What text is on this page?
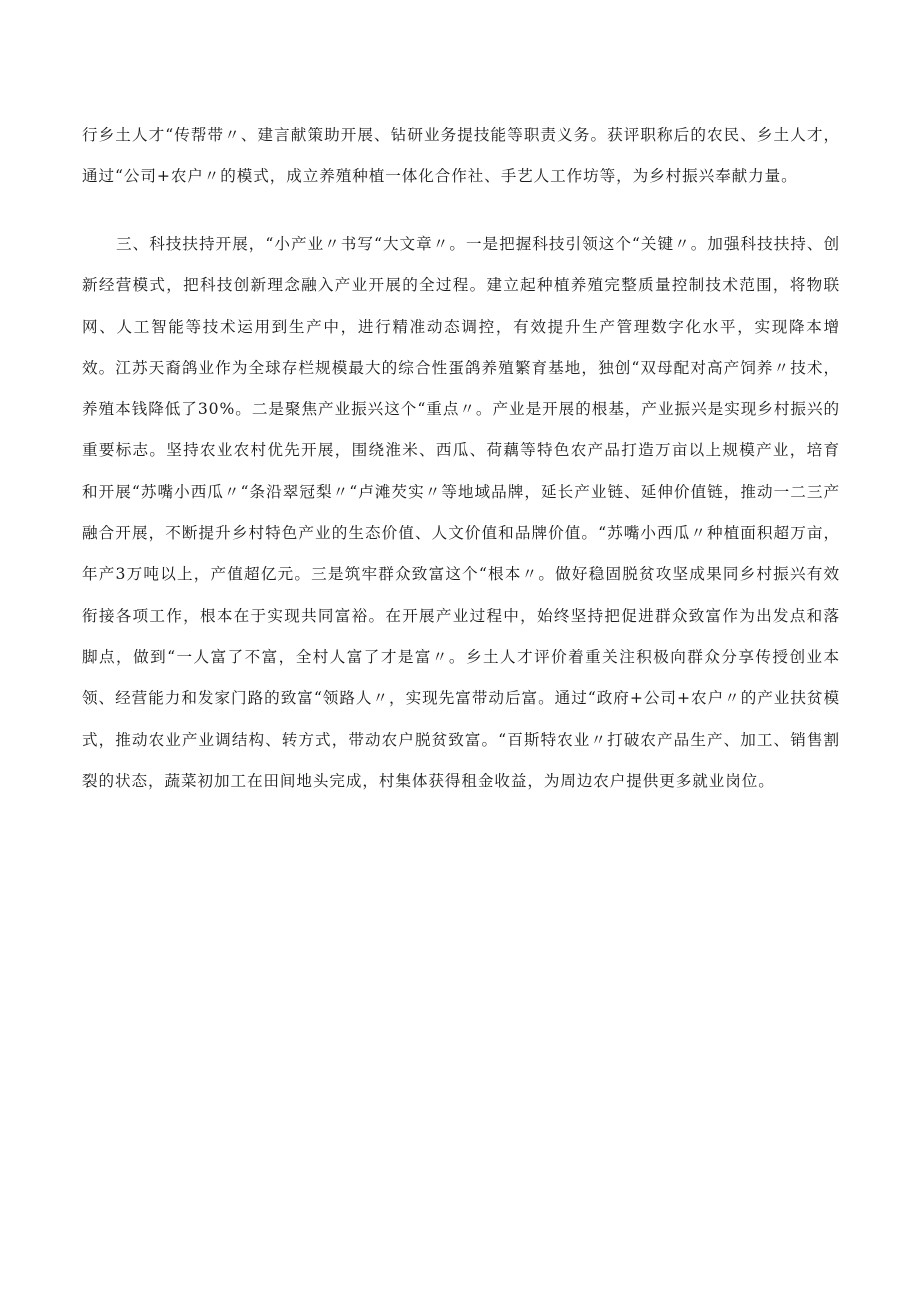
行乡土人才“传帮带〃、建言献策助开展、钻研业务提技能等职责义务。获评职称后的农民、乡土人才，通过“公司+农户〃的模式，成立养殖种植一体化合作社、手艺人工作坊等，为乡村振兴奉献力量。

三、科技扶持开展，“小产业〃书写“大文章〃。一是把握科技引领这个“关键〃。加强科技扶持、创新经营模式，把科技创新理念融入产业开展的全过程。建立起种植养殖完整质量控制技术范围，将物联网、人工智能等技术运用到生产中，进行精准动态调控，有效提升生产管理数字化水平，实现降本增效。江苏天裔鸽业作为全球存栏规模最大的综合性蛋鸽养殖繁育基地，独创“双母配对高产饲养〃技术，养殖本钱降低了30%。二是聚焦产业振兴这个“重点〃。产业是开展的根基，产业振兴是实现乡村振兴的重要标志。坚持农业农村优先开展，围绕淮米、西瓜、荷藕等特色农产品打造万亩以上规模产业，培育和开展“苏嘴小西瓜〃“条沿翠冠梨〃“卢滩芡实〃等地域品牌，延长产业链、延伸价值链，推动一二三产融合开展，不断提升乡村特色产业的生态价值、人文价值和品牌价值。“苏嘴小西瓜〃种植面积超万亩，年产3万吨以上，产值超亿元。三是筑牢群众致富这个“根本〃。做好稳固脱贫攻坚成果同乡村振兴有效衔接各项工作，根本在于实现共同富裕。在开展产业过程中，始终坚持把促进群众致富作为出发点和落脚点，做到“一人富了不富，全村人富了才是富〃。乡土人才评价着重关注积极向群众分享传授创业本领、经营能力和发家门路的致富“领路人〃，实现先富带动后富。通过“政府+公司+农户〃的产业扶贫模式，推动农业产业调结构、转方式，带动农户脱贫致富。“百斯特农业〃打破农产品生产、加工、销售割裂的状态，蔬菜初加工在田间地头完成，村集体获得租金收益，为周边农户提供更多就业岗位。
